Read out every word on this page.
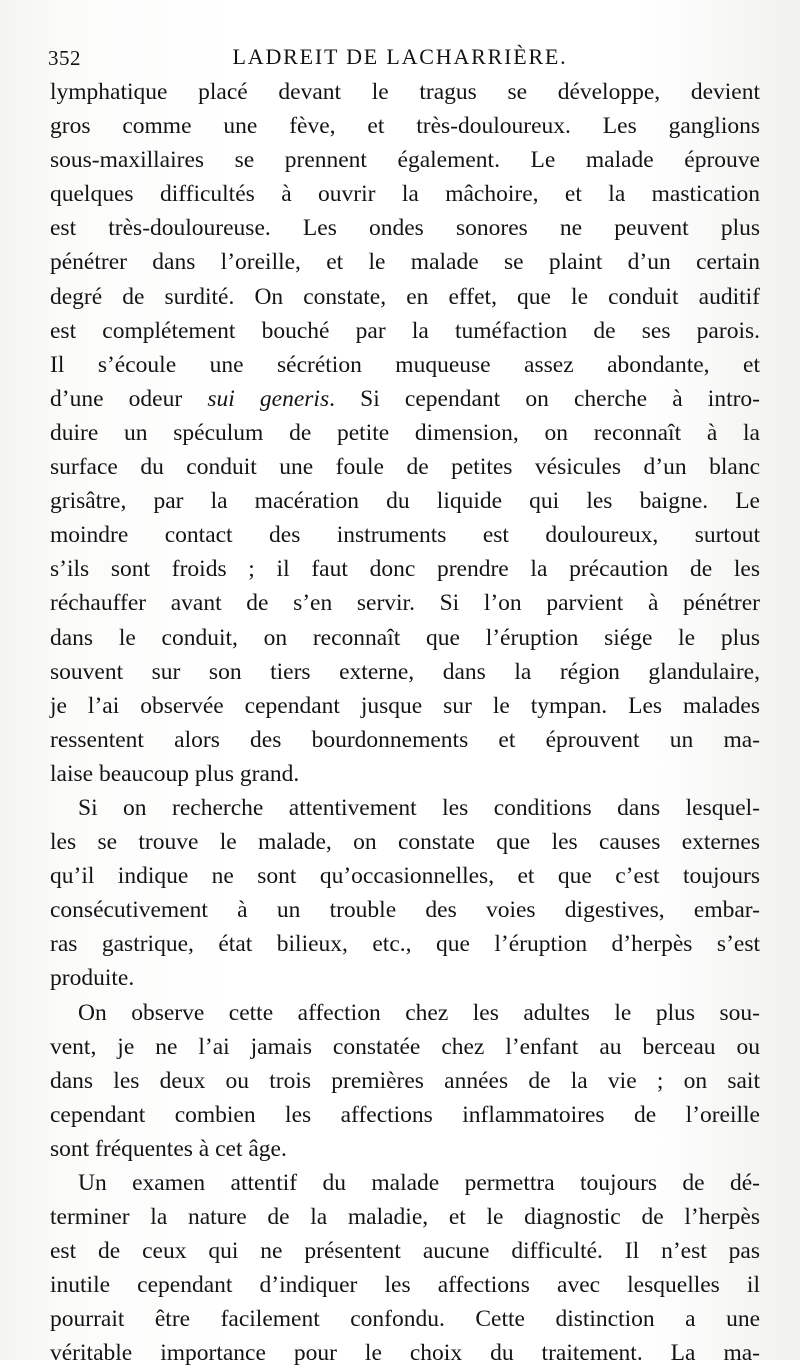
352	LADREIT DE LACHARRIÈRE.
lymphatique placé devant le tragus se développe, devient
gros comme une fève, et très-douloureux. Les ganglions
sous-maxillaires se prennent également. Le malade éprouve
quelques difficultés à ouvrir la mâchoire, et la mastication
est très-douloureuse. Les ondes sonores ne peuvent plus
pénétrer dans l’oreille, et le malade se plaint d’un certain
degré de surdité. On constate, en effet, que le conduit auditif
est complétement bouché par la tuméfaction de ses parois.
Il s’écoule une sécrétion muqueuse assez abondante, et
d’une odeur sui generis. Si cependant on cherche à intro-
duire un spéculum de petite dimension, on reconnaît à la
surface du conduit une foule de petites vésicules d’un blanc
grisâtre, par la macération du liquide qui les baigne. Le
moindre contact des instruments est douloureux, surtout
s’ils sont froids ; il faut donc prendre la précaution de les
réchauffer avant de s’en servir. Si l’on parvient à pénétrer
dans le conduit, on reconnaît que l’éruption siége le plus
souvent sur son tiers externe, dans la région glandulaire,
je l’ai observée cependant jusque sur le tympan. Les malades
ressentent alors des bourdonnements et éprouvent un ma-
laise beaucoup plus grand.
Si on recherche attentivement les conditions dans lesquel-
les se trouve le malade, on constate que les causes externes
qu’il indique ne sont qu’occasionnelles, et que c’est toujours
consécutivement à un trouble des voies digestives, embar-
ras gastrique, état bilieux, etc., que l’éruption d’herpès s’est
produite.
On observe cette affection chez les adultes le plus sou-
vent, je ne l’ai jamais constatée chez l’enfant au berceau ou
dans les deux ou trois premières années de la vie ; on sait
cependant combien les affections inflammatoires de l’oreille
sont fréquentes à cet âge.
Un examen attentif du malade permettra toujours de dé-
terminer la nature de la maladie, et le diagnostic de l’herpès
est de ceux qui ne présentent aucune difficulté. Il n’est pas
inutile cependant d’indiquer les affections avec lesquelles il
pourrait être facilement confondu. Cette distinction a une
véritable importance pour le choix du traitement. La ma-
